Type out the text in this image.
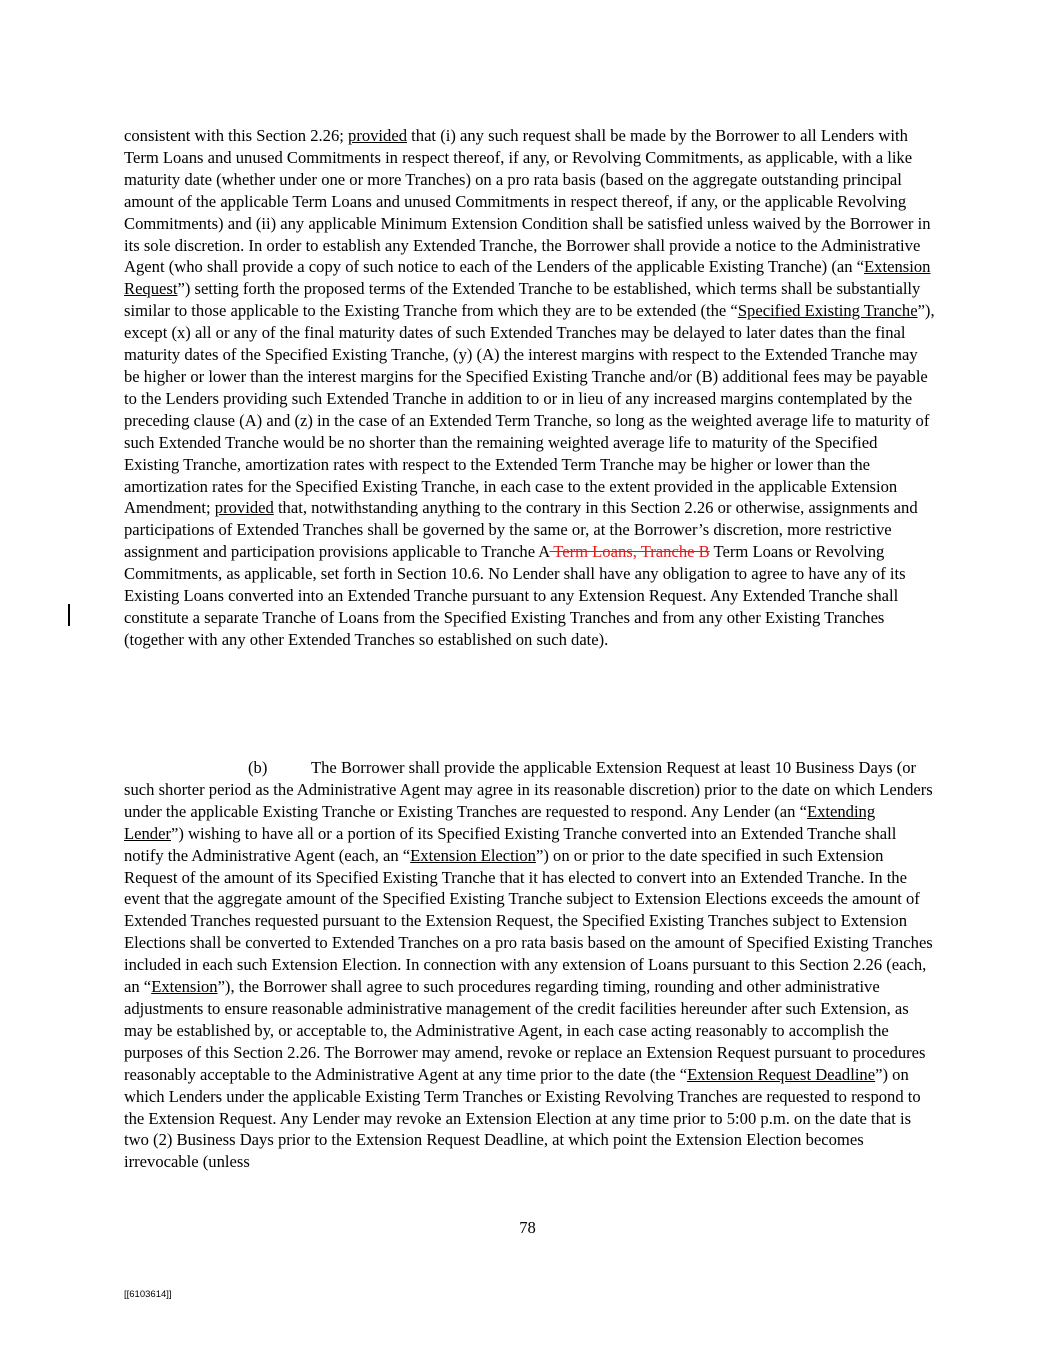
consistent with this Section 2.26; provided that (i) any such request shall be made by the Borrower to all Lenders with Term Loans and unused Commitments in respect thereof, if any, or Revolving Commitments, as applicable, with a like maturity date (whether under one or more Tranches) on a pro rata basis (based on the aggregate outstanding principal amount of the applicable Term Loans and unused Commitments in respect thereof, if any, or the applicable Revolving Commitments) and (ii) any applicable Minimum Extension Condition shall be satisfied unless waived by the Borrower in its sole discretion. In order to establish any Extended Tranche, the Borrower shall provide a notice to the Administrative Agent (who shall provide a copy of such notice to each of the Lenders of the applicable Existing Tranche) (an “Extension Request”) setting forth the proposed terms of the Extended Tranche to be established, which terms shall be substantially similar to those applicable to the Existing Tranche from which they are to be extended (the “Specified Existing Tranche”), except (x) all or any of the final maturity dates of such Extended Tranches may be delayed to later dates than the final maturity dates of the Specified Existing Tranche, (y) (A) the interest margins with respect to the Extended Tranche may be higher or lower than the interest margins for the Specified Existing Tranche and/or (B) additional fees may be payable to the Lenders providing such Extended Tranche in addition to or in lieu of any increased margins contemplated by the preceding clause (A) and (z) in the case of an Extended Term Tranche, so long as the weighted average life to maturity of such Extended Tranche would be no shorter than the remaining weighted average life to maturity of the Specified Existing Tranche, amortization rates with respect to the Extended Term Tranche may be higher or lower than the amortization rates for the Specified Existing Tranche, in each case to the extent provided in the applicable Extension Amendment; provided that, notwithstanding anything to the contrary in this Section 2.26 or otherwise, assignments and participations of Extended Tranches shall be governed by the same or, at the Borrower’s discretion, more restrictive assignment and participation provisions applicable to Tranche A Term Loans, Tranche B Term Loans or Revolving Commitments, as applicable, set forth in Section 10.6. No Lender shall have any obligation to agree to have any of its Existing Loans converted into an Extended Tranche pursuant to any Extension Request. Any Extended Tranche shall constitute a separate Tranche of Loans from the Specified Existing Tranches and from any other Existing Tranches (together with any other Extended Tranches so established on such date).

(b)	The Borrower shall provide the applicable Extension Request at least 10 Business Days (or such shorter period as the Administrative Agent may agree in its reasonable discretion) prior to the date on which Lenders under the applicable Existing Tranche or Existing Tranches are requested to respond. Any Lender (an “Extending Lender”) wishing to have all or a portion of its Specified Existing Tranche converted into an Extended Tranche shall notify the Administrative Agent (each, an “Extension Election”) on or prior to the date specified in such Extension Request of the amount of its Specified Existing Tranche that it has elected to convert into an Extended Tranche. In the event that the aggregate amount of the Specified Existing Tranche subject to Extension Elections exceeds the amount of Extended Tranches requested pursuant to the Extension Request, the Specified Existing Tranches subject to Extension Elections shall be converted to Extended Tranches on a pro rata basis based on the amount of Specified Existing Tranches included in each such Extension Election. In connection with any extension of Loans pursuant to this Section 2.26 (each, an “Extension”), the Borrower shall agree to such procedures regarding timing, rounding and other administrative adjustments to ensure reasonable administrative management of the credit facilities hereunder after such Extension, as may be established by, or acceptable to, the Administrative Agent, in each case acting reasonably to accomplish the purposes of this Section 2.26. The Borrower may amend, revoke or replace an Extension Request pursuant to procedures reasonably acceptable to the Administrative Agent at any time prior to the date (the “Extension Request Deadline”) on which Lenders under the applicable Existing Term Tranches or Existing Revolving Tranches are requested to respond to the Extension Request. Any Lender may revoke an Extension Election at any time prior to 5:00 p.m. on the date that is two (2) Business Days prior to the Extension Request Deadline, at which point the Extension Election becomes irrevocable (unless

78

[[6103614]]
